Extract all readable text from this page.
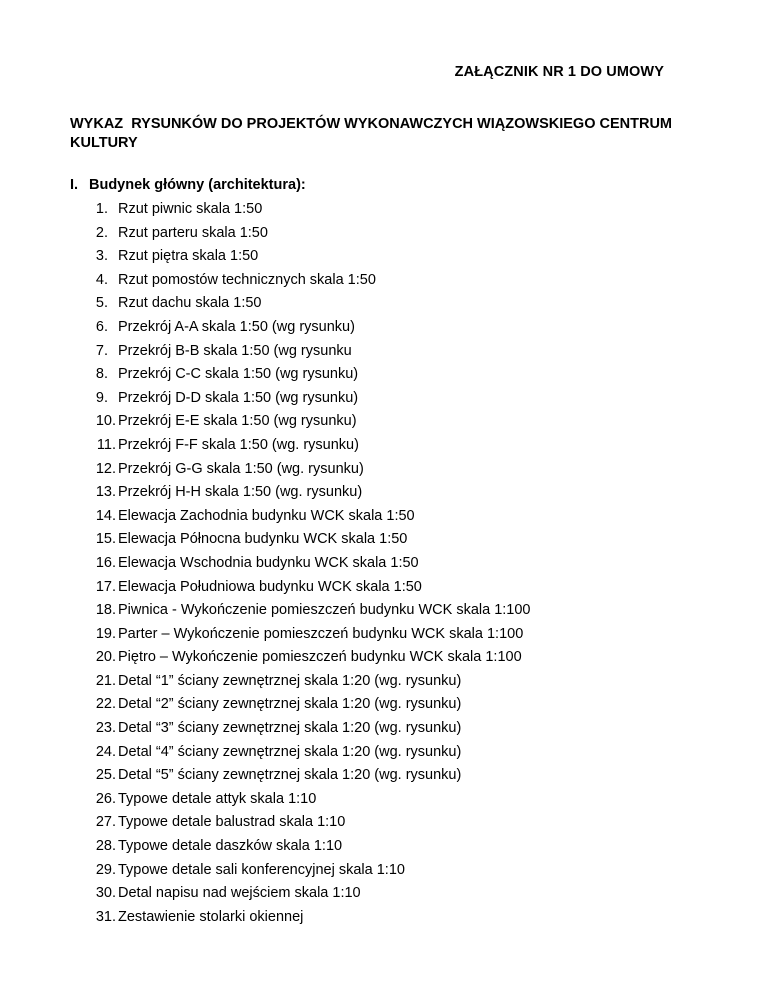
ZAŁĄCZNIK NR 1 DO UMOWY

WYKAZ  RYSUNKÓW DO PROJEKTÓW WYKONAWCZYCH WIĄZOWSKIEGO CENTRUM KULTURY

I. Budynek główny (architektura):

1. Rzut piwnic skala 1:50
2. Rzut parteru skala 1:50
3. Rzut piętra skala 1:50
4. Rzut pomostów technicznych skala 1:50
5. Rzut dachu skala 1:50
6. Przekrój A-A skala 1:50 (wg rysunku)
7. Przekrój B-B skala 1:50 (wg rysunku
8. Przekrój C-C skala 1:50 (wg rysunku)
9. Przekrój D-D skala 1:50 (wg rysunku)
10. Przekrój E-E skala 1:50 (wg rysunku)
11. Przekrój F-F skala 1:50 (wg. rysunku)
12. Przekrój G-G skala 1:50 (wg. rysunku)
13. Przekrój H-H skala 1:50 (wg. rysunku)
14. Elewacja Zachodnia budynku WCK skala 1:50
15. Elewacja Północna budynku WCK skala 1:50
16. Elewacja Wschodnia budynku WCK skala 1:50
17. Elewacja Południowa budynku WCK skala 1:50
18. Piwnica - Wykończenie pomieszczeń budynku WCK skala 1:100
19. Parter – Wykończenie pomieszczeń budynku WCK skala 1:100
20. Piętro – Wykończenie pomieszczeń budynku WCK skala 1:100
21. Detal “1” ściany zewnętrznej skala 1:20 (wg. rysunku)
22. Detal “2” ściany zewnętrznej skala 1:20 (wg. rysunku)
23. Detal “3” ściany zewnętrznej skala 1:20 (wg. rysunku)
24. Detal “4” ściany zewnętrznej skala 1:20 (wg. rysunku)
25. Detal “5” ściany zewnętrznej skala 1:20 (wg. rysunku)
26. Typowe detale attyk skala 1:10
27. Typowe detale balustrad skala 1:10
28. Typowe detale daszków skala 1:10
29. Typowe detale sali konferencyjnej skala 1:10
30. Detal napisu nad wejściem skala 1:10
31. Zestawienie stolarki okiennej
